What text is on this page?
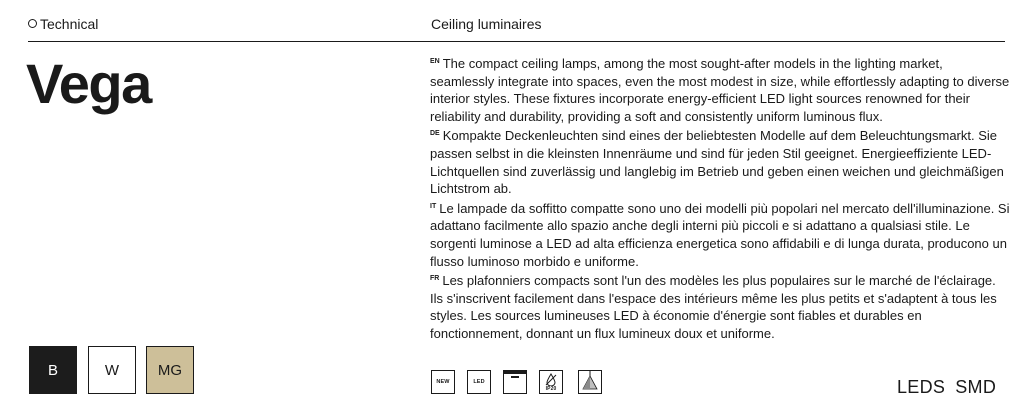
Technical	Ceiling luminaires
Vega	$^{EN}$ The compact ceiling lamps, among the most sought-after models in the lighting market, seamlessly integrate into spaces, even the most modest in size, while effortlessly adapting to diverse interior styles. These fixtures incorporate energy-efficient LED light sources renowned for their reliability and durability, providing a soft and consistently uniform luminous flux.

$^{DE}$ Kompakte Deckenleuchten sind eines der beliebtesten Modelle auf dem Beleuchtungsmarkt. Sie passen selbst in die kleinsten Innenräume und sind für jeden Stil geeignet. Energieeffiziente LED-Lichtquellen sind zuverlässig und langlebig im Betrieb und geben einen weichen und gleichmäßigen Lichtstrom ab.

$^{IT}$ Le lampade da soffitto compatte sono uno dei modelli più popolari nel mercato dell'illuminazione. Si adattano facilmente allo spazio anche degli interni più piccoli e si adattano a qualsiasi stile. Le sorgenti luminose a LED ad alta efficienza energetica sono affidabili e di lunga durata, producono un flusso luminoso morbido e uniforme.

$^{FR}$ Les plafonniers compacts sont l'un des modèles les plus populaires sur le marché de l'éclairage. Ils s'inscrivent facilement dans l'espace des intérieurs même les plus petits et s'adaptent à tous les styles. Les sources lumineuses LED à économie d'énergie sont fiables et durables en fonctionnement, donnant un flux lumineux doux et uniforme.

B	W	MG
NEW	LED
IP20	LEDS SMD
